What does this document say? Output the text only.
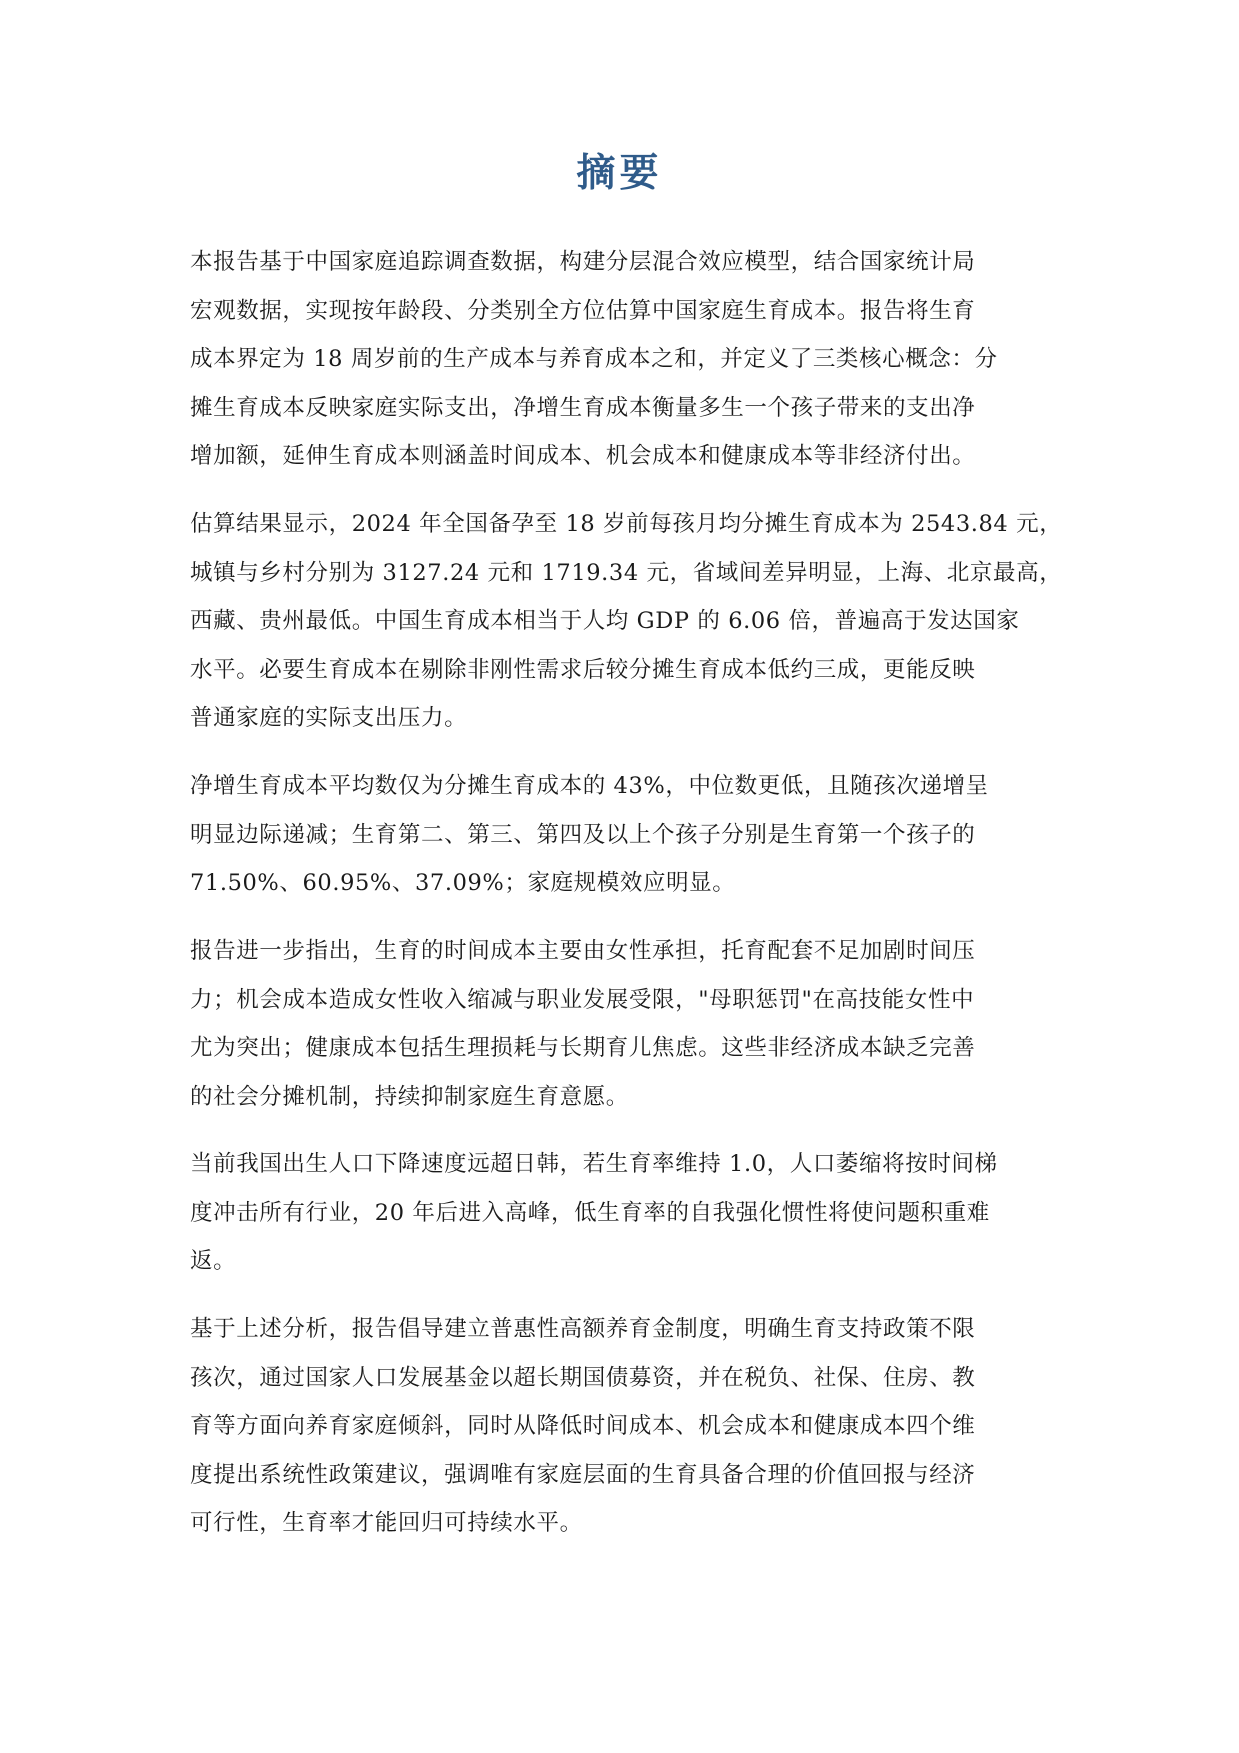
摘要
本报告基于中国家庭追踪调查数据，构建分层混合效应模型，结合国家统计局
宏观数据，实现按年龄段、分类别全方位估算中国家庭生育成本。报告将生育
成本界定为 18 周岁前的生产成本与养育成本之和，并定义了三类核心概念：分
摊生育成本反映家庭实际支出，净增生育成本衡量多生一个孩子带来的支出净
增加额，延伸生育成本则涵盖时间成本、机会成本和健康成本等非经济付出。
估算结果显示，2024 年全国备孕至 18 岁前每孩月均分摊生育成本为 2543.84 元，
城镇与乡村分别为 3127.24 元和 1719.34 元，省域间差异明显，上海、北京最高，
西藏、贵州最低。中国生育成本相当于人均 GDP 的 6.06 倍，普遍高于发达国家
水平。必要生育成本在剔除非刚性需求后较分摊生育成本低约三成，更能反映
普通家庭的实际支出压力。
净增生育成本平均数仅为分摊生育成本的 43%，中位数更低，且随孩次递增呈
明显边际递减；生育第二、第三、第四及以上个孩子分别是生育第一个孩子的
71.50%、60.95%、37.09%；家庭规模效应明显。
报告进一步指出，生育的时间成本主要由女性承担，托育配套不足加剧时间压
力；机会成本造成女性收入缩减与职业发展受限，"母职惩罚"在高技能女性中
尤为突出；健康成本包括生理损耗与长期育儿焦虑。这些非经济成本缺乏完善
的社会分摊机制，持续抑制家庭生育意愿。
当前我国出生人口下降速度远超日韩，若生育率维持 1.0，人口萎缩将按时间梯
度冲击所有行业，20 年后进入高峰，低生育率的自我强化惯性将使问题积重难
返。
基于上述分析，报告倡导建立普惠性高额养育金制度，明确生育支持政策不限
孩次，通过国家人口发展基金以超长期国债募资，并在税负、社保、住房、教
育等方面向养育家庭倾斜，同时从降低时间成本、机会成本和健康成本四个维
度提出系统性政策建议，强调唯有家庭层面的生育具备合理的价值回报与经济
可行性，生育率才能回归可持续水平。
